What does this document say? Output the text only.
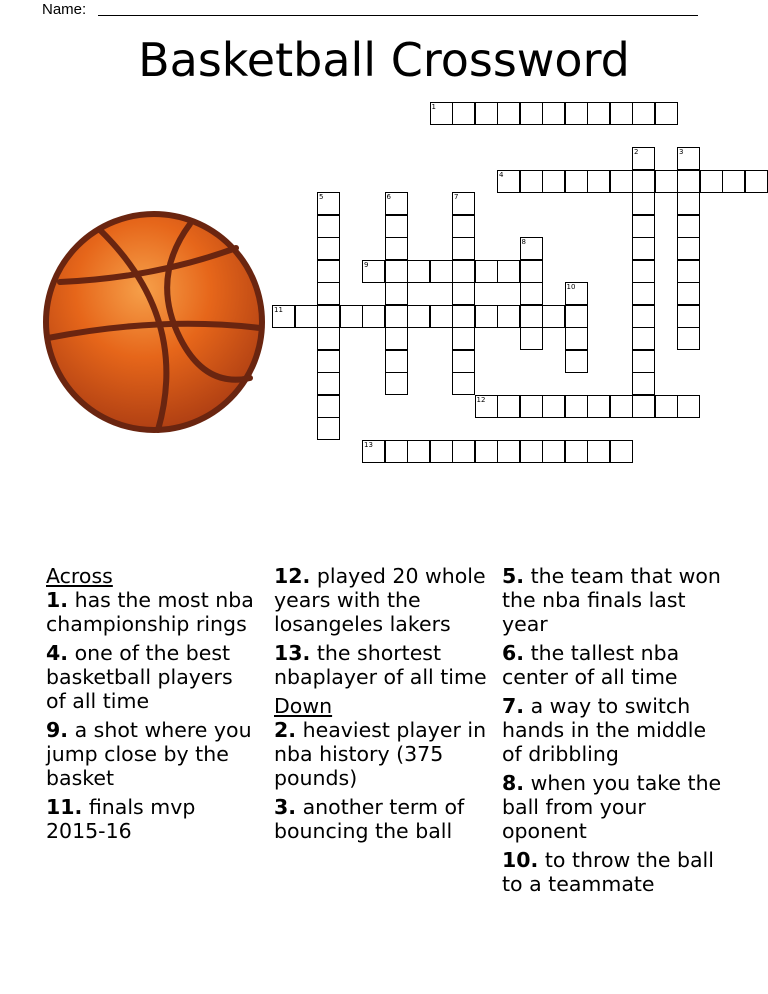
Name:
Basketball Crossword
1
2	3
4
5	6	7
8
9
10
11
12
13
Across
1. has the most nba championship rings
4. one of the best basketball players of all time
9. a shot where you jump close by the basket
11. finals mvp 2015-16
12. played 20 whole years with the losangeles lakers
13. the shortest nbaplayer of all time
Down
2. heaviest player in nba history (375 pounds)
3. another term of bouncing the ball
5. the team that won the nba finals last year
6. the tallest nba center of all time
7. a way to switch hands in the middle of dribbling
8. when you take the ball from your oponent
10. to throw the ball to a teammate
